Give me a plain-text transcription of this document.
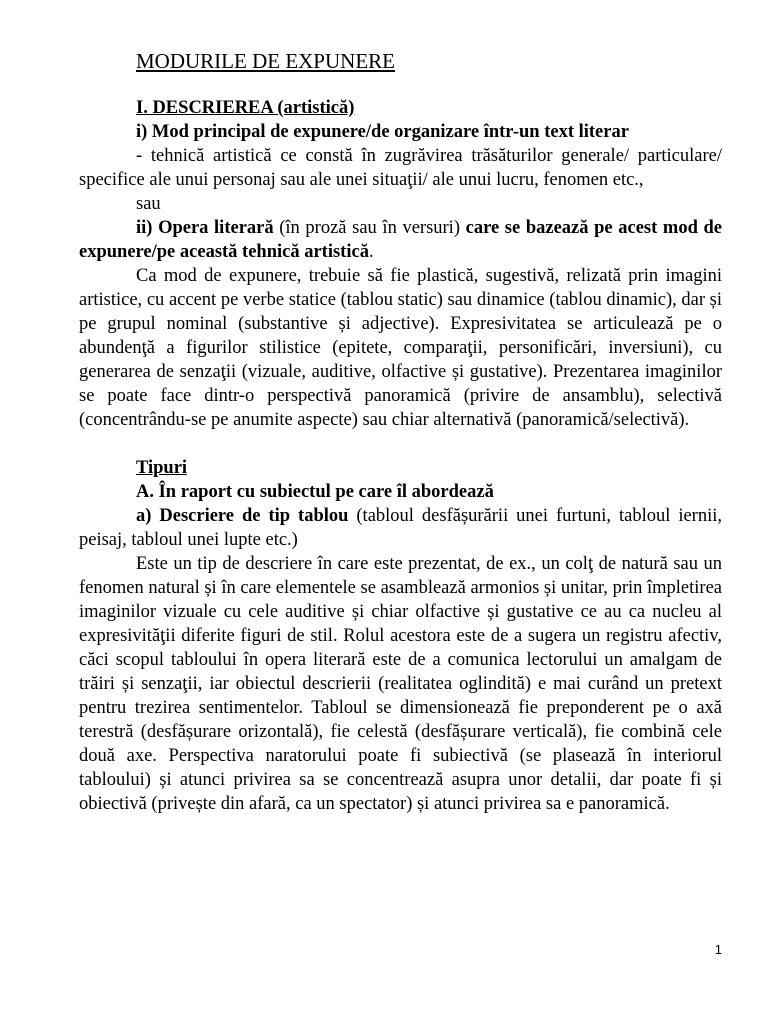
MODURILE DE EXPUNERE
I. DESCRIEREA (artistică)
i) Mod principal de expunere/de organizare într-un text literar

- tehnică artistică ce constă în zugrăvirea trăsăturilor generale/ particulare/ specifice ale unui personaj sau ale unei situaţii/ ale unui lucru, fenomen etc.,

sau

ii) Opera literară (în proză sau în versuri) care se bazează pe acest mod de expunere/pe această tehnică artistică.

Ca mod de expunere, trebuie să fie plastică, sugestivă, relizată prin imagini artistice, cu accent pe verbe statice (tablou static) sau dinamice (tablou dinamic), dar și pe grupul nominal (substantive și adjective). Expresivitatea se articulează pe o abundenţă a figurilor stilistice (epitete, comparaţii, personificări, inversiuni), cu generarea de senzaţii (vizuale, auditive, olfactive și gustative). Prezentarea imaginilor se poate face dintr-o perspectivă panoramică (privire de ansamblu), selectivă (concentrându-se pe anumite aspecte) sau chiar alternativă (panoramică/selectivă).

Tipuri
A. În raport cu subiectul pe care îl abordează

a) Descriere de tip tablou (tabloul desfășurării unei furtuni, tabloul iernii, peisaj, tabloul unei lupte etc.)

Este un tip de descriere în care este prezentat, de ex., un colţ de natură sau un fenomen natural și în care elementele se asamblează armonios și unitar, prin împletirea imaginilor vizuale cu cele auditive și chiar olfactive și gustative ce au ca nucleu al expresivităţii diferite figuri de stil. Rolul acestora este de a sugera un registru afectiv, căci scopul tabloului în opera literară este de a comunica lectorului un amalgam de trăiri și senzaţii, iar obiectul descrierii (realitatea oglindită) e mai curând un pretext pentru trezirea sentimentelor. Tabloul se dimensionează fie preponderent pe o axă terestră (desfășurare orizontală), fie celestă (desfășurare verticală), fie combină cele două axe. Perspectiva naratorului poate fi subiectivă (se plasează în interiorul tabloului) și atunci privirea sa se concentrează asupra unor detalii, dar poate fi și obiectivă (privește din afară, ca un spectator) și atunci privirea sa e panoramică.

1
